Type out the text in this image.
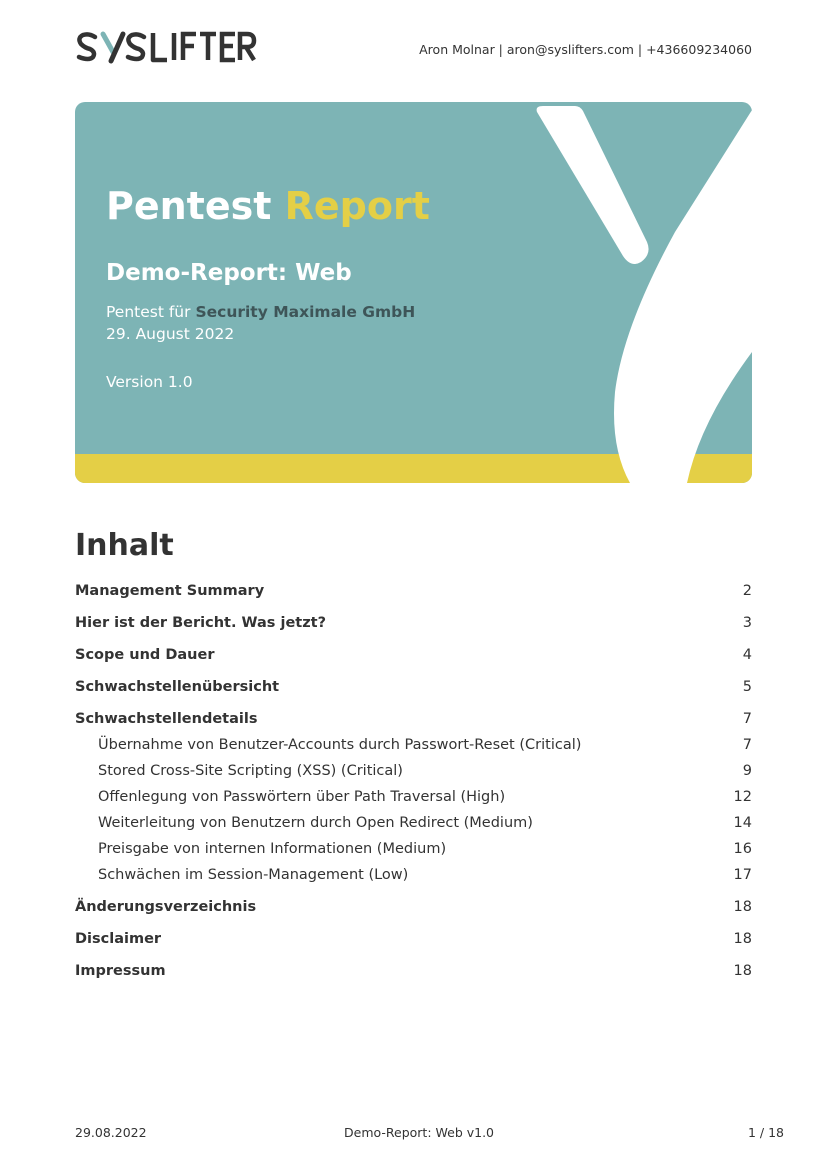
Aron Molnar | aron@syslifters.com | +436609234060
Pentest Report
Demo-Report: Web
Pentest für Security Maximale GmbH
29. August 2022
Version 1.0
Inhalt
Management Summary	2
Hier ist der Bericht. Was jetzt?	3
Scope und Dauer	4
Schwachstellenübersicht	5
Schwachstellendetails	7
Übernahme von Benutzer-Accounts durch Passwort-Reset (Critical)	7
Stored Cross-Site Scripting (XSS) (Critical)	9
Offenlegung von Passwörtern über Path Traversal (High)	12
Weiterleitung von Benutzern durch Open Redirect (Medium)	14
Preisgabe von internen Informationen (Medium)	16
Schwächen im Session-Management (Low)	17
Änderungsverzeichnis	18
Disclaimer	18
Impressum	18
29.08.2022	Demo-Report: Web v1.0	1 / 18
